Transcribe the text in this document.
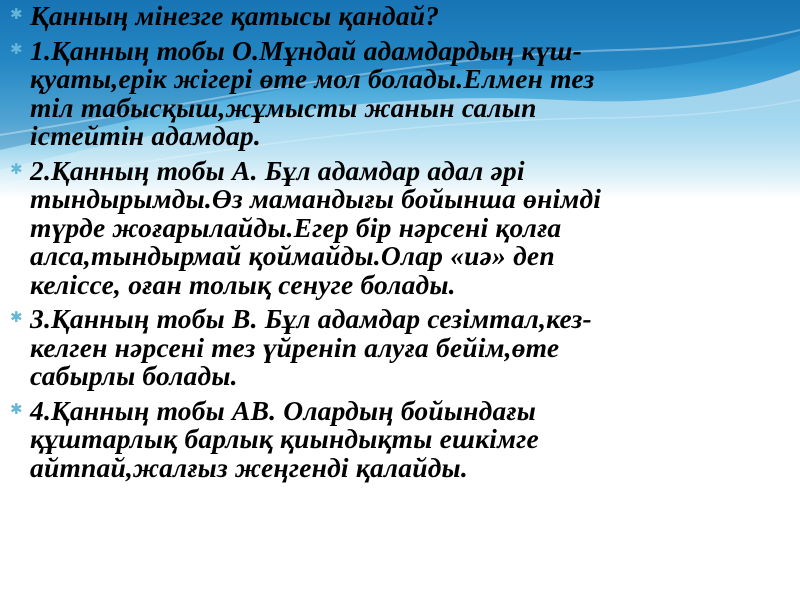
✱ Қанның мінезге қатысы қандай?
✱ 1.Қанның тобы О.Мұндай адамдардың күш-
қуаты,ерік жігері өте мол болады.Елмен тез
тіл табысқыш,жұмысты жанын салып
істейтін адамдар.
✱ 2.Қанның тобы А. Бұл адамдар адал әрі
тындырымды.Өз мамандығы бойынша өнімді
түрде жоғарылайды.Егер бір нәрсені қолға
алса,тындырмай қоймайды.Олар «иә» деп
келіссе, оған толық сенуге болады.
✱ 3.Қанның тобы В. Бұл адамдар сезімтал,кез-
келген нәрсені тез үйреніп алуға бейім,өте
сабырлы болады.
✱ 4.Қанның тобы АВ. Олардың бойындағы
құштарлық барлық қиындықты ешкімге
айтпай,жалғыз жеңгенді қалайды.
